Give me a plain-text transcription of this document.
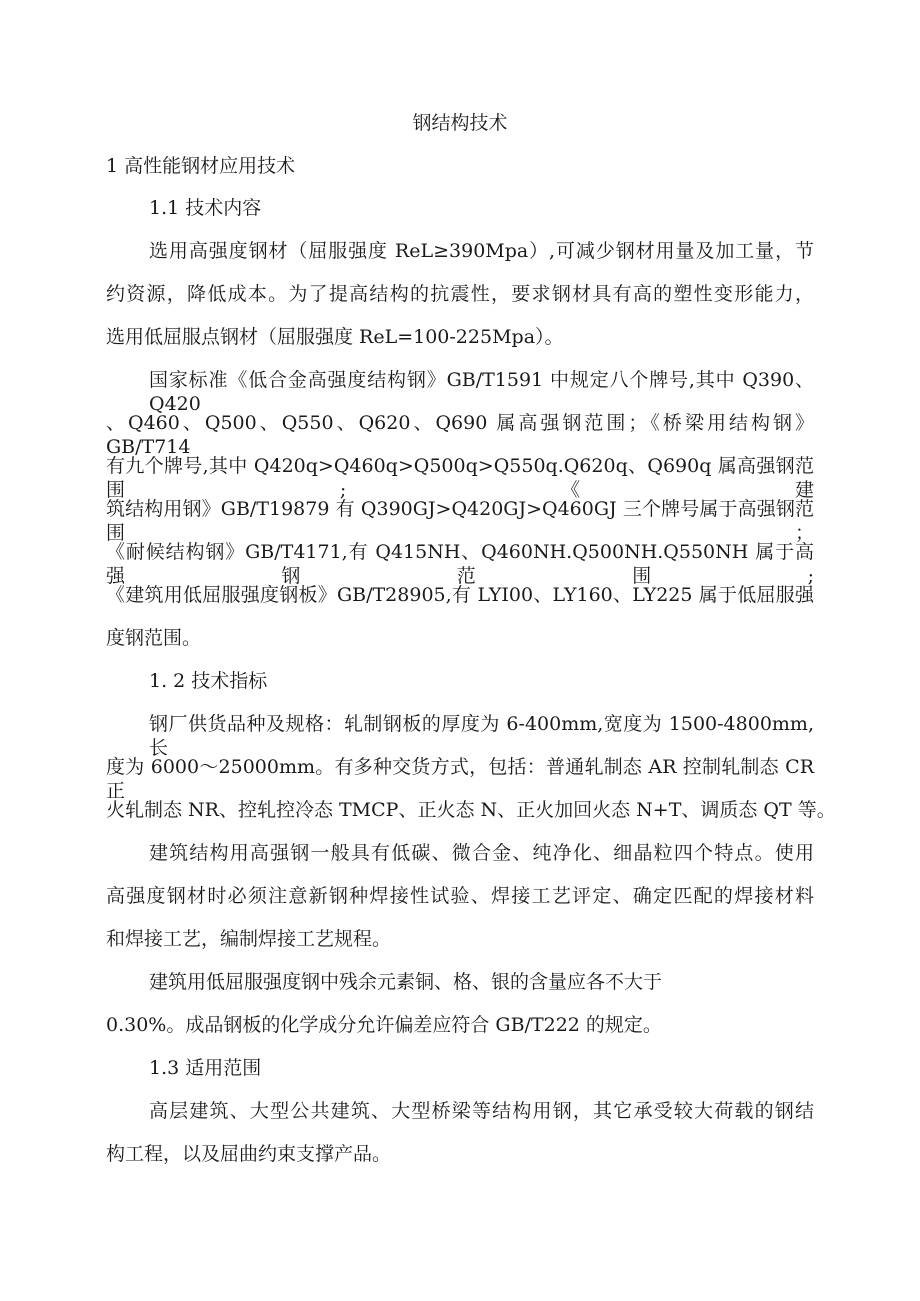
钢结构技术
1 高性能钢材应用技术
1.1 技术内容
选用高强度钢材（屈服强度 ReL≥390Mpa）,可减少钢材用量及加工量，节
约资源，降低成本。为了提高结构的抗震性，要求钢材具有高的塑性变形能力，
选用低屈服点钢材（屈服强度 ReL=100-225Mpa）。
国家标准《低合金高强度结构钢》GB/T1591 中规定八个牌号,其中 Q390、Q420
、Q460、Q500、Q550、Q620、Q690 属高强钢范围；《桥梁用结构钢》GB/T714
有九个牌号,其中 Q420q>Q460q>Q500q>Q550q.Q620q、Q690q 属高强钢范围;《建
筑结构用钢》GB/T19879 有 Q390GJ>Q420GJ>Q460GJ 三个牌号属于高强钢范围；
《耐候结构钢》GB/T4171,有 Q415NH、Q460NH.Q500NH.Q550NH 属于高强钢范围;
《建筑用低屈服强度钢板》GB/T28905,有 LYI00、LY160、LY225 属于低屈服强
度钢范围。
1. 2 技术指标
钢厂供货品种及规格：轧制钢板的厚度为 6-400mm,宽度为 1500-4800mm,长
度为 6000～25000mm。有多种交货方式，包括：普通轧制态 AR 控制轧制态 CR 正
火轧制态 NR、控轧控冷态 TMCP、正火态 N、正火加回火态 N+T、调质态 QT 等。
建筑结构用高强钢一般具有低碳、微合金、纯净化、细晶粒四个特点。使用
高强度钢材时必须注意新钢种焊接性试验、焊接工艺评定、确定匹配的焊接材料
和焊接工艺，编制焊接工艺规程。
建筑用低屈服强度钢中残余元素铜、格、银的含量应各不大于
0.30%。成品钢板的化学成分允许偏差应符合 GB/T222 的规定。
1.3 适用范围
高层建筑、大型公共建筑、大型桥梁等结构用钢，其它承受较大荷载的钢结
构工程，以及屈曲约束支撑产品。
